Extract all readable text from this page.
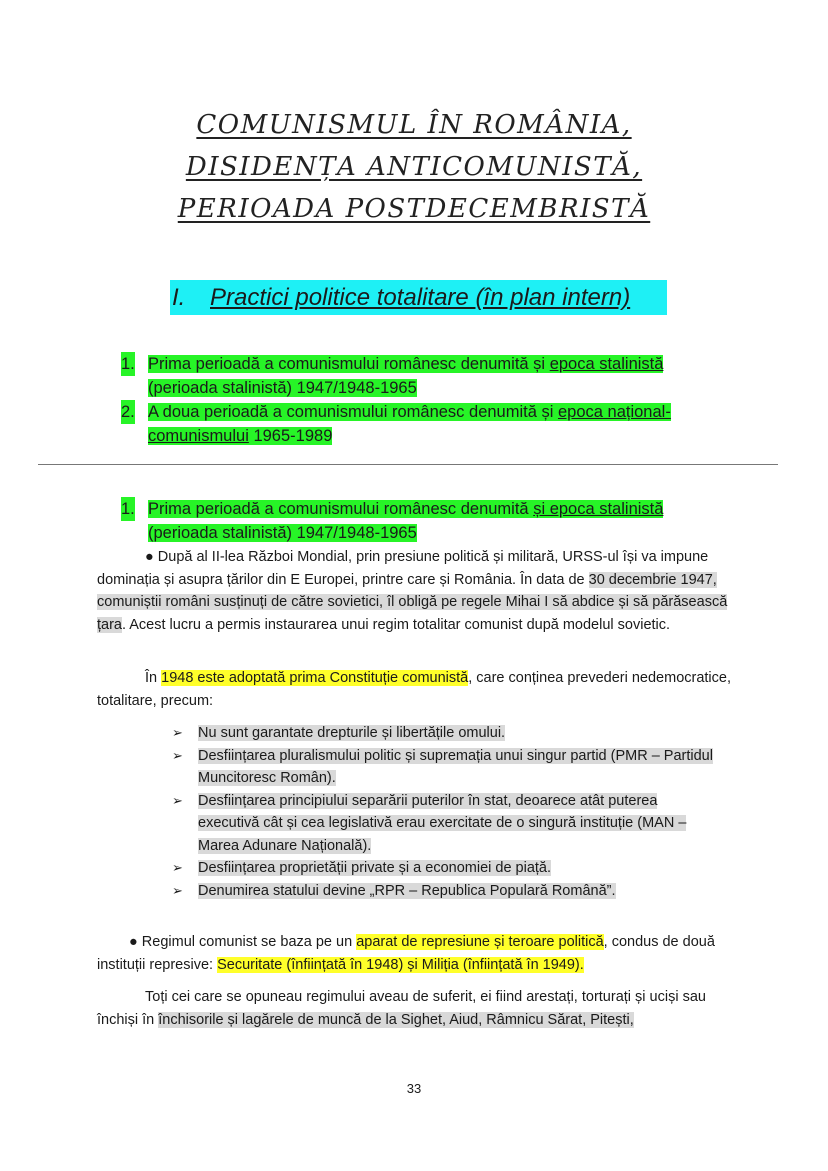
COMUNISMUL ÎN ROMÂNIA,
DISIDENȚA ANTICOMUNISTĂ,
PERIOADA POSTDECEMBRISTĂ
I. Practici politice totalitare (în plan intern)
1. Prima perioadă a comunismului românesc denumită și epoca stalinistă
(perioada stalinistă) 1947/1948-1965
2. A doua perioadă a comunismului românesc denumită și epoca național-
comunismului 1965-1989
1. Prima perioadă a comunismului românesc denumită și epoca stalinistă
(perioada stalinistă) 1947/1948-1965
● După al II-lea Război Mondial, prin presiune politică și militară, URSS-ul își va impune dominația și asupra țărilor din E Europei, printre care și România. În data de 30 decembrie 1947, comuniștii români susținuți de către sovietici, îl obligă pe regele Mihai I să abdice și să părăsească țara. Acest lucru a permis instaurarea unui regim totalitar comunist după modelul sovietic.
În 1948 este adoptată prima Constituție comunistă, care conținea prevederi nedemocratice, totalitare, precum:
➢ Nu sunt garantate drepturile și libertățile omului.
➢ Desființarea pluralismului politic și supremația unui singur partid (PMR – Partidul Muncitoresc Român).
➢ Desființarea principiului separării puterilor în stat, deoarece atât puterea executivă cât și cea legislativă erau exercitate de o singură instituție (MAN – Marea Adunare Națională).
➢ Desființarea proprietății private și a economiei de piață.
➢ Denumirea statului devine „RPR – Republica Populară Română”.
● Regimul comunist se baza pe un aparat de represiune și teroare politică, condus de două instituții represive: Securitate (înființată în 1948) și Miliția (înființată în 1949).
Toți cei care se opuneau regimului aveau de suferit, ei fiind arestați, torturați și uciși sau închiși în închisorile și lagărele de muncă de la Sighet, Aiud, Râmnicu Sărat, Pitești,
33
